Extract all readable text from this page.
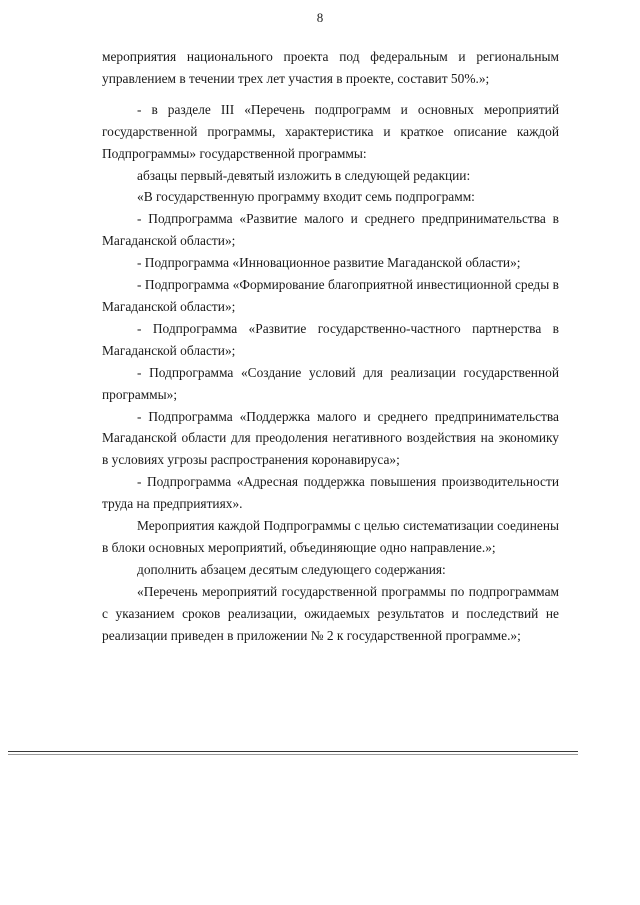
8

мероприятия национального проекта под федеральным и региональным управлением в течении трех лет участия в проекте, составит 50%.»;

- в разделе III «Перечень подпрограмм и основных мероприятий государственной программы, характеристика и краткое описание каждой Подпрограммы» государственной программы:

абзацы первый-девятый изложить в следующей редакции:

«В государственную программу входит семь подпрограмм:

- Подпрограмма «Развитие малого и среднего предпринимательства в Магаданской области»;

- Подпрограмма «Инновационное развитие Магаданской области»;

- Подпрограмма «Формирование благоприятной инвестиционной среды в Магаданской области»;

- Подпрограмма «Развитие государственно-частного партнерства в Магаданской области»;

- Подпрограмма «Создание условий для реализации государственной программы»;

- Подпрограмма «Поддержка малого и среднего предпринимательства Магаданской области для преодоления негативного воздействия на экономику в условиях угрозы распространения коронавируса»;

- Подпрограмма «Адресная поддержка повышения производительности труда на предприятиях».

Мероприятия каждой Подпрограммы с целью систематизации соединены в блоки основных мероприятий, объединяющие одно направление.»;

дополнить абзацем десятым следующего содержания:

«Перечень мероприятий государственной программы по подпрограммам с указанием сроков реализации, ожидаемых результатов и последствий не реализации приведен в приложении № 2 к государственной программе.»;
